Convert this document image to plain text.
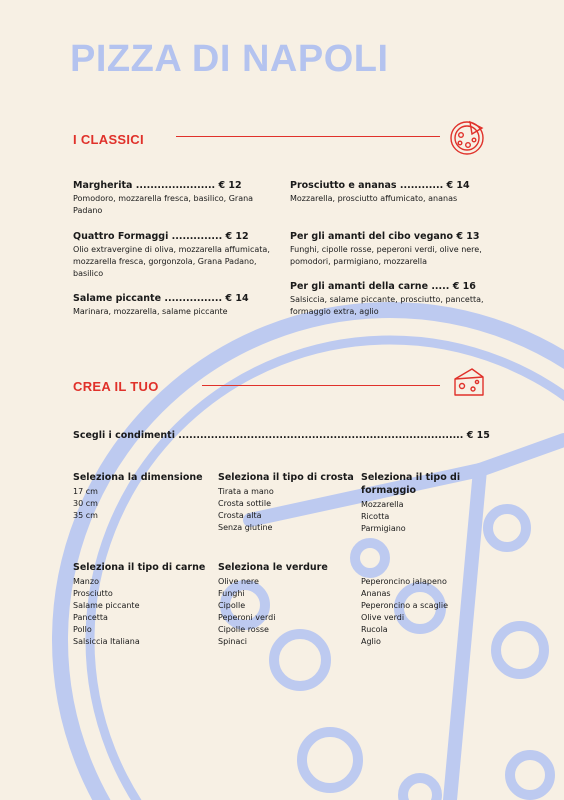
PIZZA DI NAPOLI
I CLASSICI
Margherita ...................... € 12
Pomodoro, mozzarella fresca, basilico, Grana Padano
Quattro Formaggi .............. € 12
Olio extravergine di oliva, mozzarella affumicata, mozzarella fresca, gorgonzola, Grana Padano, basilico
Salame piccante ................ € 14
Marinara, mozzarella, salame piccante
Prosciutto e ananas ............ € 14
Mozzarella, prosciutto affumicato, ananas
Per gli amanti del cibo vegano € 13
Funghi, cipolle rosse, peperoni verdi, olive nere, pomodori, parmigiano, mozzarella
Per gli amanti della carne ..... € 16
Salsiccia, salame piccante, prosciutto, pancetta, formaggio extra, aglio
CREA IL TUO
Scegli i condimenti ............................................................................... € 15
Seleziona la dimensione
17 cm
30 cm
35 cm
Seleziona il tipo di crosta
Tirata a mano
Crosta sottile
Crosta alta
Senza glutine
Seleziona il tipo di formaggio
Mozzarella
Ricotta
Parmigiano
Seleziona il tipo di carne
Manzo
Prosciutto
Salame piccante
Pancetta
Pollo
Salsiccia Italiana
Seleziona le verdure
Olive nere
Funghi
Cipolle
Peperoni verdi
Cipolle rosse
Spinaci
Peperoncino jalapeno
Ananas
Peperoncino a scaglie
Olive verdi
Rucola
Aglio
